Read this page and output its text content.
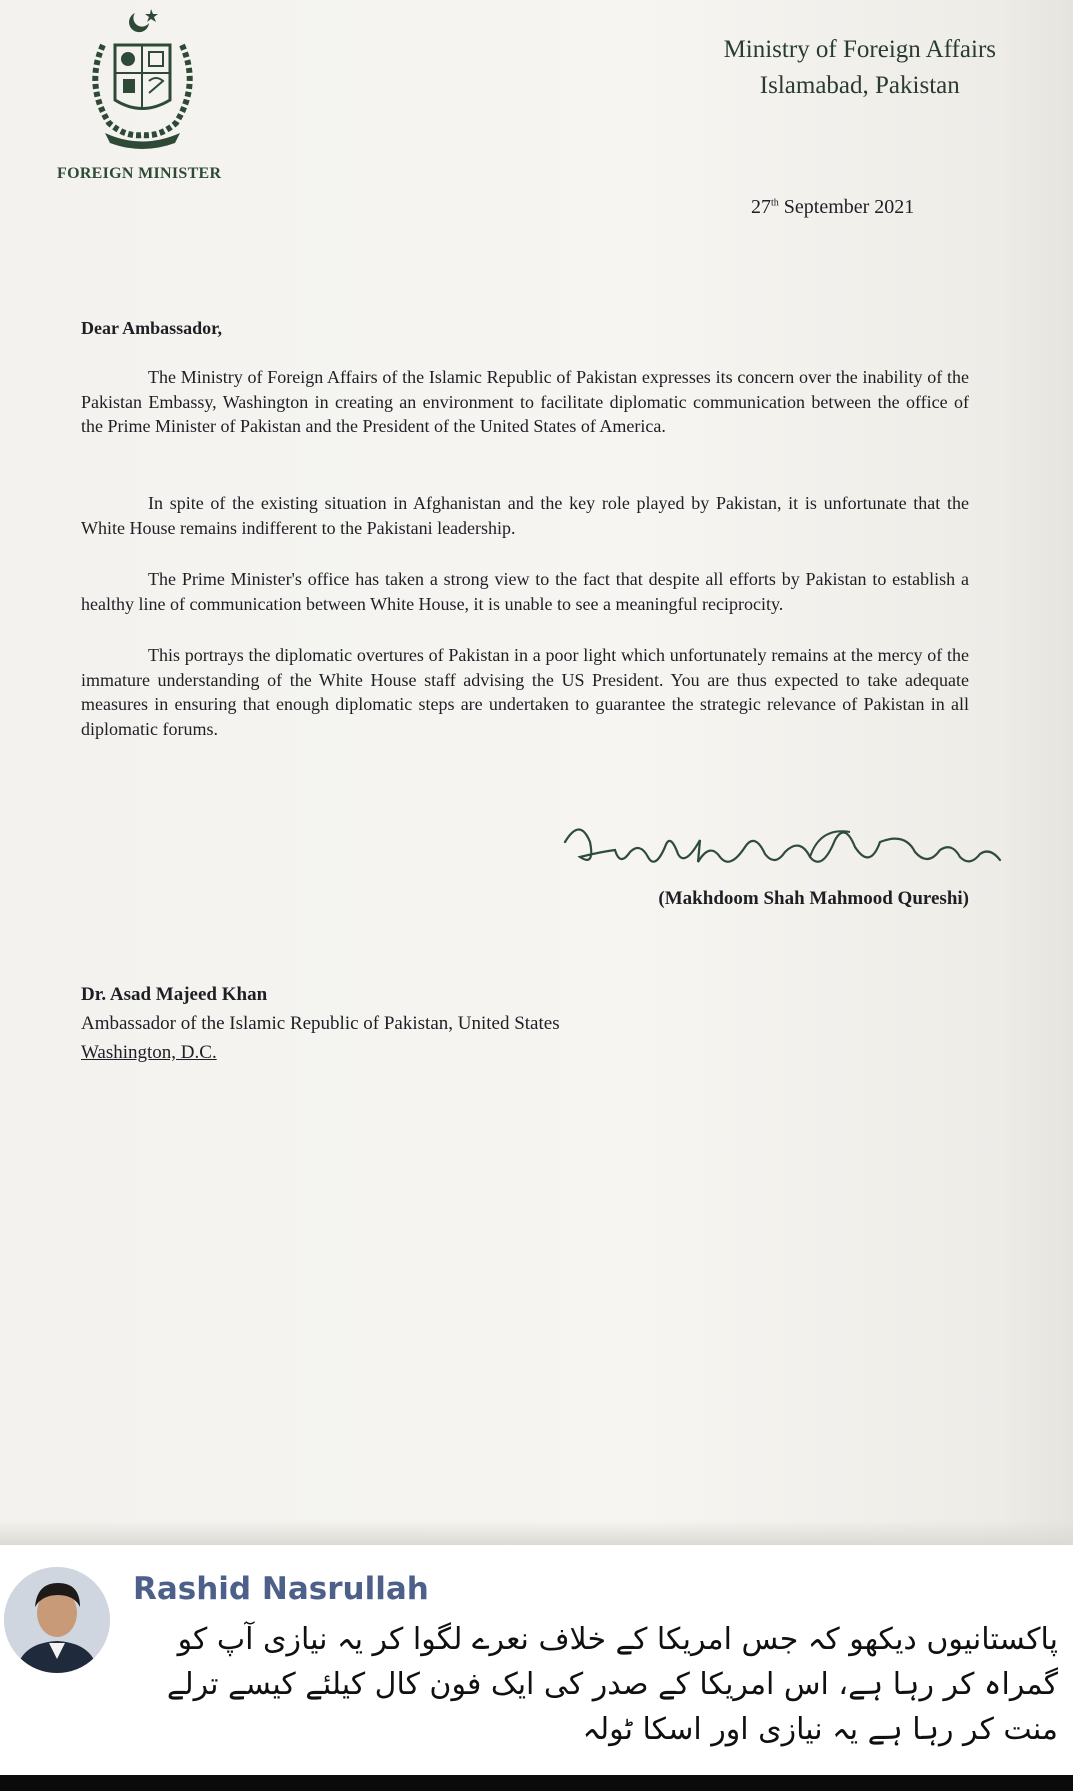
FOREIGN MINISTER
Ministry of Foreign Affairs
Islamabad, Pakistan
27th September 2021
Dear Ambassador,
The Ministry of Foreign Affairs of the Islamic Republic of Pakistan expresses its concern over the inability of the Pakistan Embassy, Washington in creating an environment to facilitate diplomatic communication between the office of the Prime Minister of Pakistan and the President of the United States of America.
In spite of the existing situation in Afghanistan and the key role played by Pakistan, it is unfortunate that the White House remains indifferent to the Pakistani leadership.
The Prime Minister's office has taken a strong view to the fact that despite all efforts by Pakistan to establish a healthy line of communication between White House, it is unable to see a meaningful reciprocity.
This portrays the diplomatic overtures of Pakistan in a poor light which unfortunately remains at the mercy of the immature understanding of the White House staff advising the US President. You are thus expected to take adequate measures in ensuring that enough diplomatic steps are undertaken to guarantee the strategic relevance of Pakistan in all diplomatic forums.
(Makhdoom Shah Mahmood Qureshi)
Dr. Asad Majeed Khan
Ambassador of the Islamic Republic of Pakistan, United States
Washington, D.C.
Rashid Nasrullah
پاکستانیوں دیکھو کہ جس امریکا کے خلاف نعرے لگوا کر یہ نیازی آپ کو گمراہ کر رہا ہے، اس امریکا کے صدر کی ایک فون کال کیلئے کیسے ترلے منت کر رہا ہے یہ نیازی اور اسکا ٹولہ
